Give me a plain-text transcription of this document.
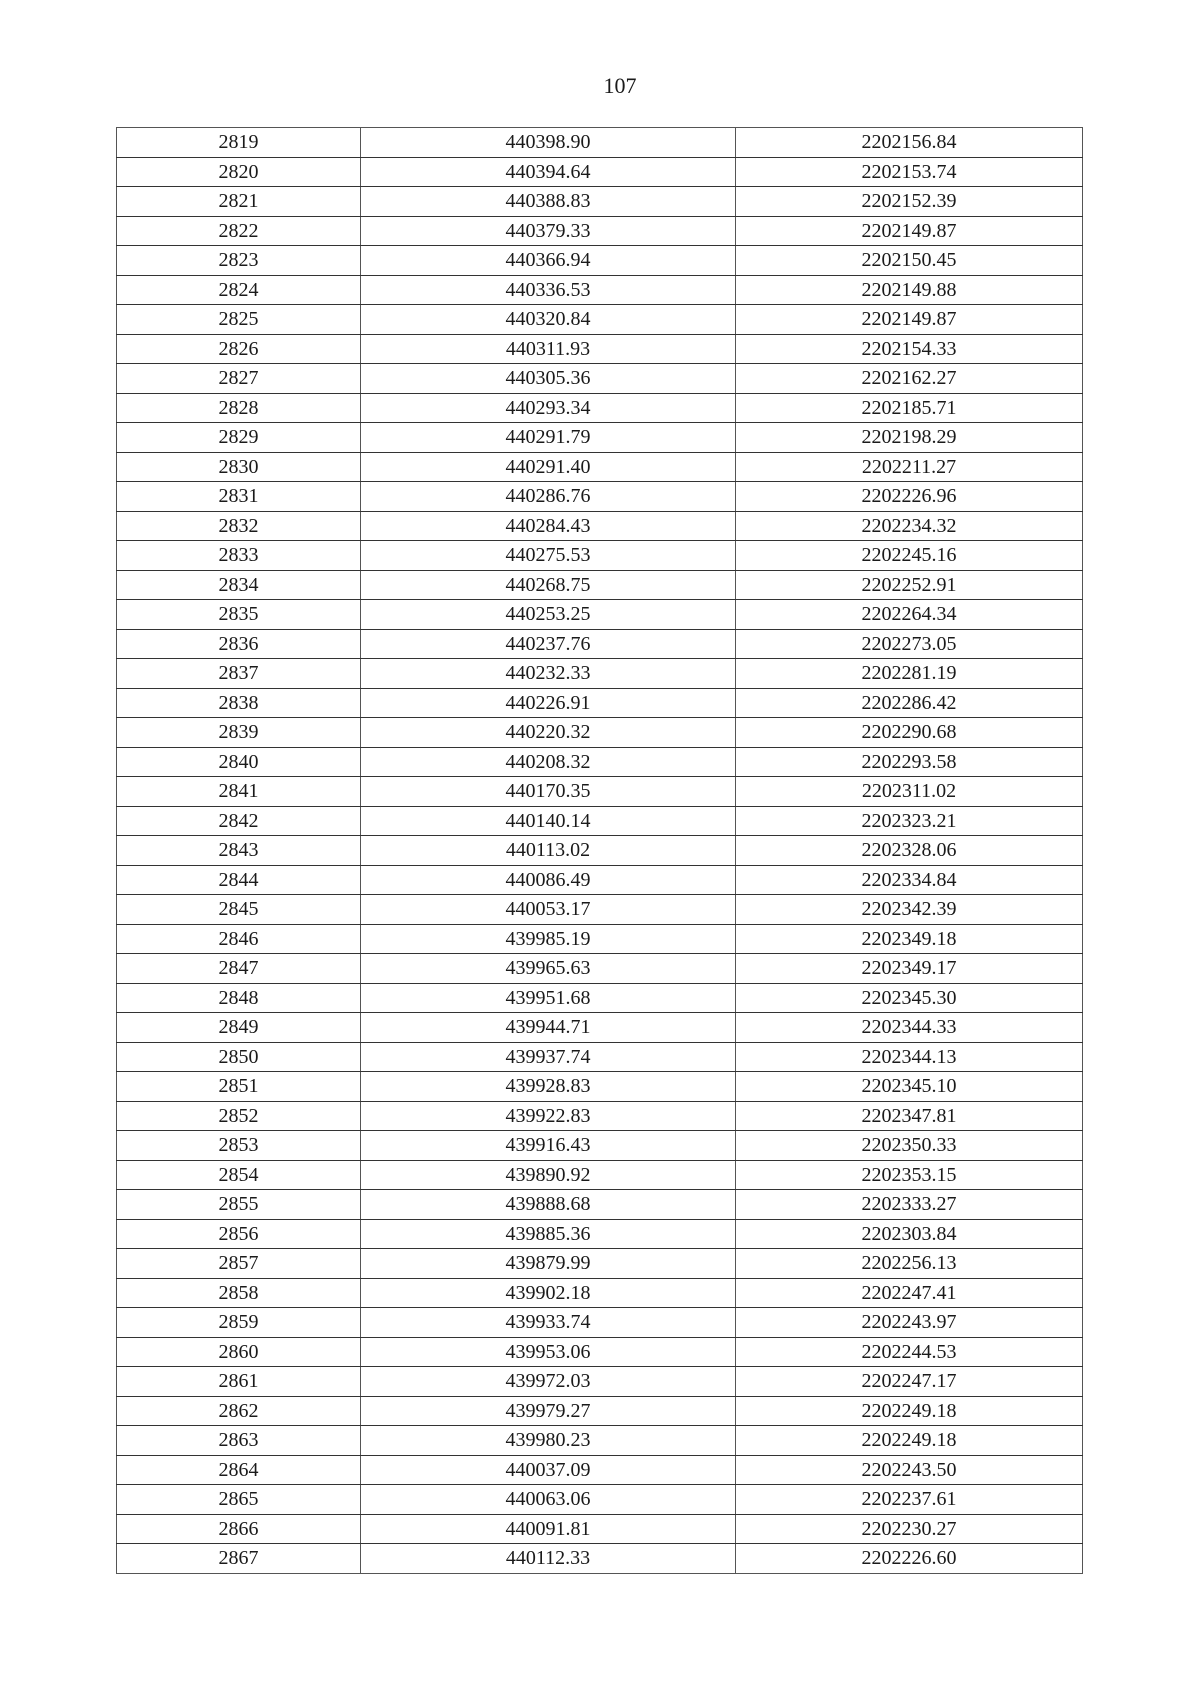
107
2819	440398.90	2202156.84
2820	440394.64	2202153.74
2821	440388.83	2202152.39
2822	440379.33	2202149.87
2823	440366.94	2202150.45
2824	440336.53	2202149.88
2825	440320.84	2202149.87
2826	440311.93	2202154.33
2827	440305.36	2202162.27
2828	440293.34	2202185.71
2829	440291.79	2202198.29
2830	440291.40	2202211.27
2831	440286.76	2202226.96
2832	440284.43	2202234.32
2833	440275.53	2202245.16
2834	440268.75	2202252.91
2835	440253.25	2202264.34
2836	440237.76	2202273.05
2837	440232.33	2202281.19
2838	440226.91	2202286.42
2839	440220.32	2202290.68
2840	440208.32	2202293.58
2841	440170.35	2202311.02
2842	440140.14	2202323.21
2843	440113.02	2202328.06
2844	440086.49	2202334.84
2845	440053.17	2202342.39
2846	439985.19	2202349.18
2847	439965.63	2202349.17
2848	439951.68	2202345.30
2849	439944.71	2202344.33
2850	439937.74	2202344.13
2851	439928.83	2202345.10
2852	439922.83	2202347.81
2853	439916.43	2202350.33
2854	439890.92	2202353.15
2855	439888.68	2202333.27
2856	439885.36	2202303.84
2857	439879.99	2202256.13
2858	439902.18	2202247.41
2859	439933.74	2202243.97
2860	439953.06	2202244.53
2861	439972.03	2202247.17
2862	439979.27	2202249.18
2863	439980.23	2202249.18
2864	440037.09	2202243.50
2865	440063.06	2202237.61
2866	440091.81	2202230.27
2867	440112.33	2202226.60
